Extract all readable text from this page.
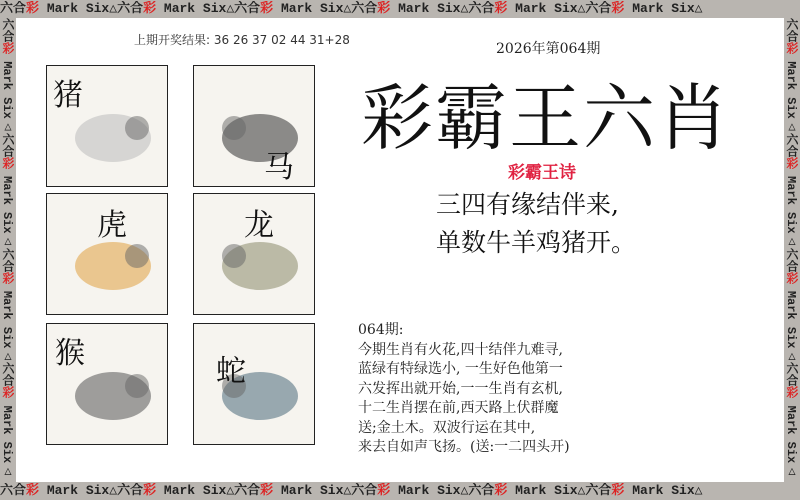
六合彩 Mark Six△六合彩 Mark Six△六合彩 Mark Six△六合彩 Mark Six△六合彩 Mark Six△六合彩 Mark Six△
六合彩 Mark Six△六合彩 Mark Six△六合彩 Mark Six△六合彩 Mark Six△六合彩 Mark Six△六合彩 Mark Six△
六合彩 Mark Six△六合彩 Mark Six△六合彩 Mark Six△六合彩 Mark Six△
六合彩 Mark Six△六合彩 Mark Six△六合彩 Mark Six△六合彩 Mark Six△
上期开奖结果: 36 26 37 02 44 31+28
猪
马
虎	龙
猴
蛇
2026年第064期
彩霸王六肖
彩霸王诗
三四有缘结伴来,
单数牛羊鸡猪开。
064期:
今期生肖有火花,四十结伴九难寻,
蓝绿有特绿选小, 一生好色他第一
六发挥出就开始,一一生肖有玄机,
十二生肖摆在前,西天路上伏群魔
送;金土木。双波行运在其中,
来去自如声飞扬。(送:一二四头开)
